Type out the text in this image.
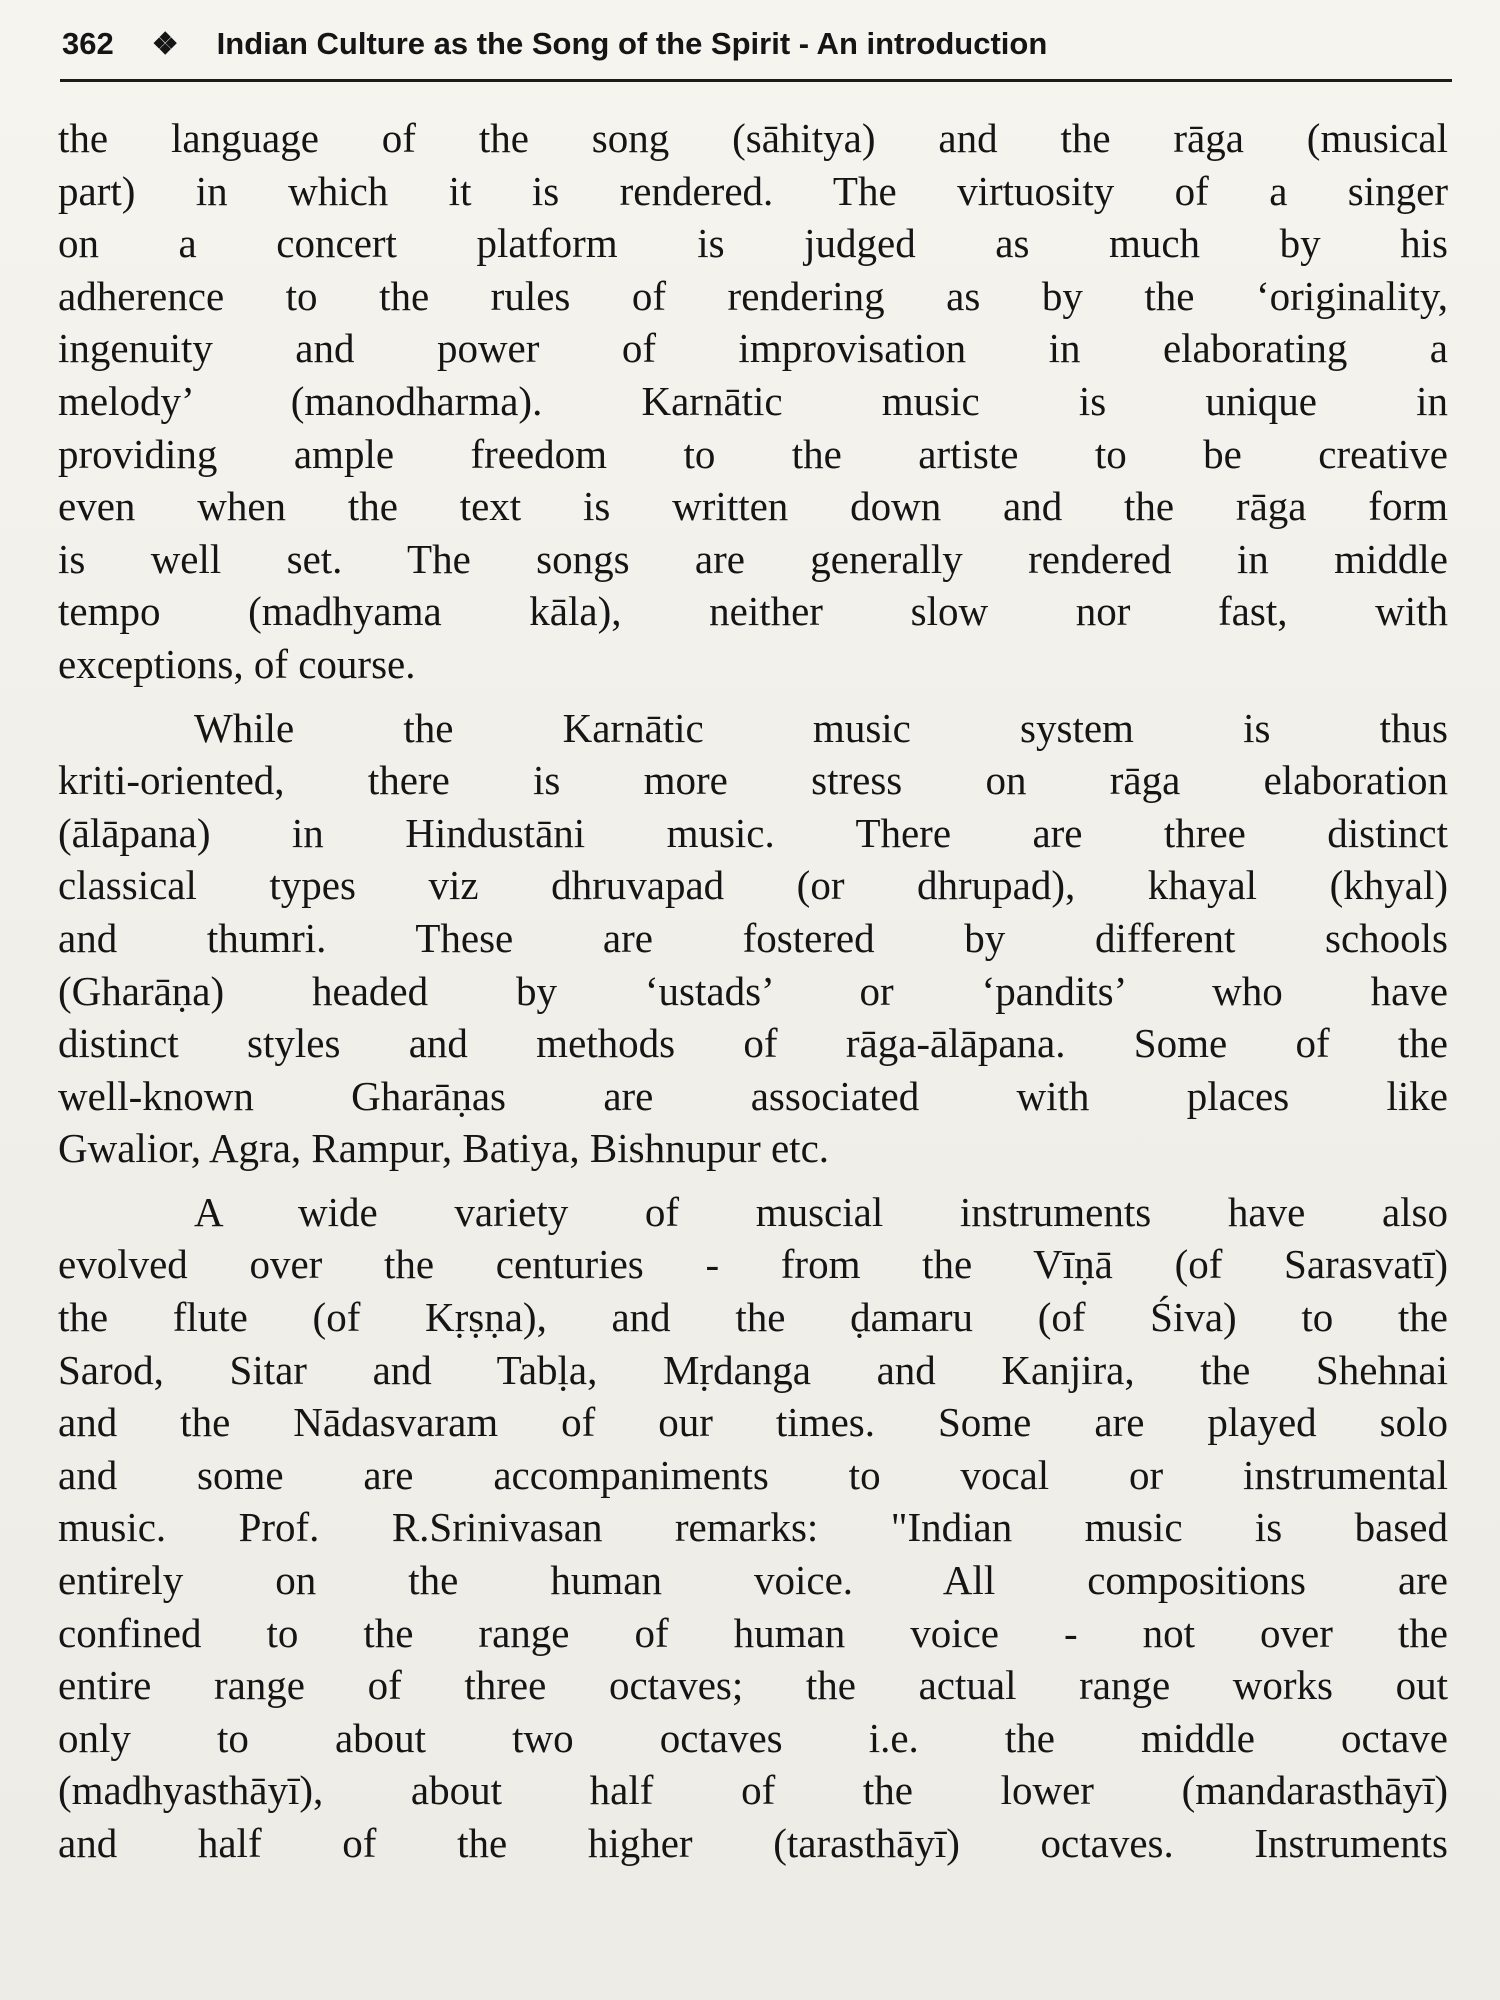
362 ❖ Indian Culture as the Song of the Spirit - An introduction

the language of the song (sāhitya) and the rāga (musical
part) in which it is rendered. The virtuosity of a singer
on a concert platform is judged as much by his
adherence to the rules of rendering as by the ‘originality,
ingenuity and power of improvisation in elaborating a
melody’ (manodharma). Karnātic music is unique in
providing ample freedom to the artiste to be creative
even when the text is written down and the rāga form
is well set. The songs are generally rendered in middle
tempo (madhyama kāla), neither slow nor fast, with
exceptions, of course.

While the Karnātic music system is thus
kriti-oriented, there is more stress on rāga elaboration
(ālāpana) in Hindustāni music. There are three distinct
classical types viz dhruvapad (or dhrupad), khayal (khyal)
and thumri. These are fostered by different schools
(Gharāṇa) headed by ‘ustads’ or ‘pandits’ who have
distinct styles and methods of rāga-ālāpana. Some of the
well-known Gharāṇas are associated with places like
Gwalior, Agra, Rampur, Batiya, Bishnupur etc.

A wide variety of muscial instruments have also
evolved over the centuries - from the Vīṇā (of Sarasvatī)
the flute (of Kṛṣṇa), and the ḍamaru (of Śiva) to the
Sarod, Sitar and Tabḷa, Mṛdanga and Kanjira, the Shehnai
and the Nādasvaram of our times. Some are played solo
and some are accompaniments to vocal or instrumental
music. Prof. R.Srinivasan remarks: "Indian music is based
entirely on the human voice. All compositions are
confined to the range of human voice - not over the
entire range of three octaves; the actual range works out
only to about two octaves i.e. the middle octave
(madhyasthāyī), about half of the lower (mandarasthāyī)
and half of the higher (tarasthāyī) octaves. Instruments
